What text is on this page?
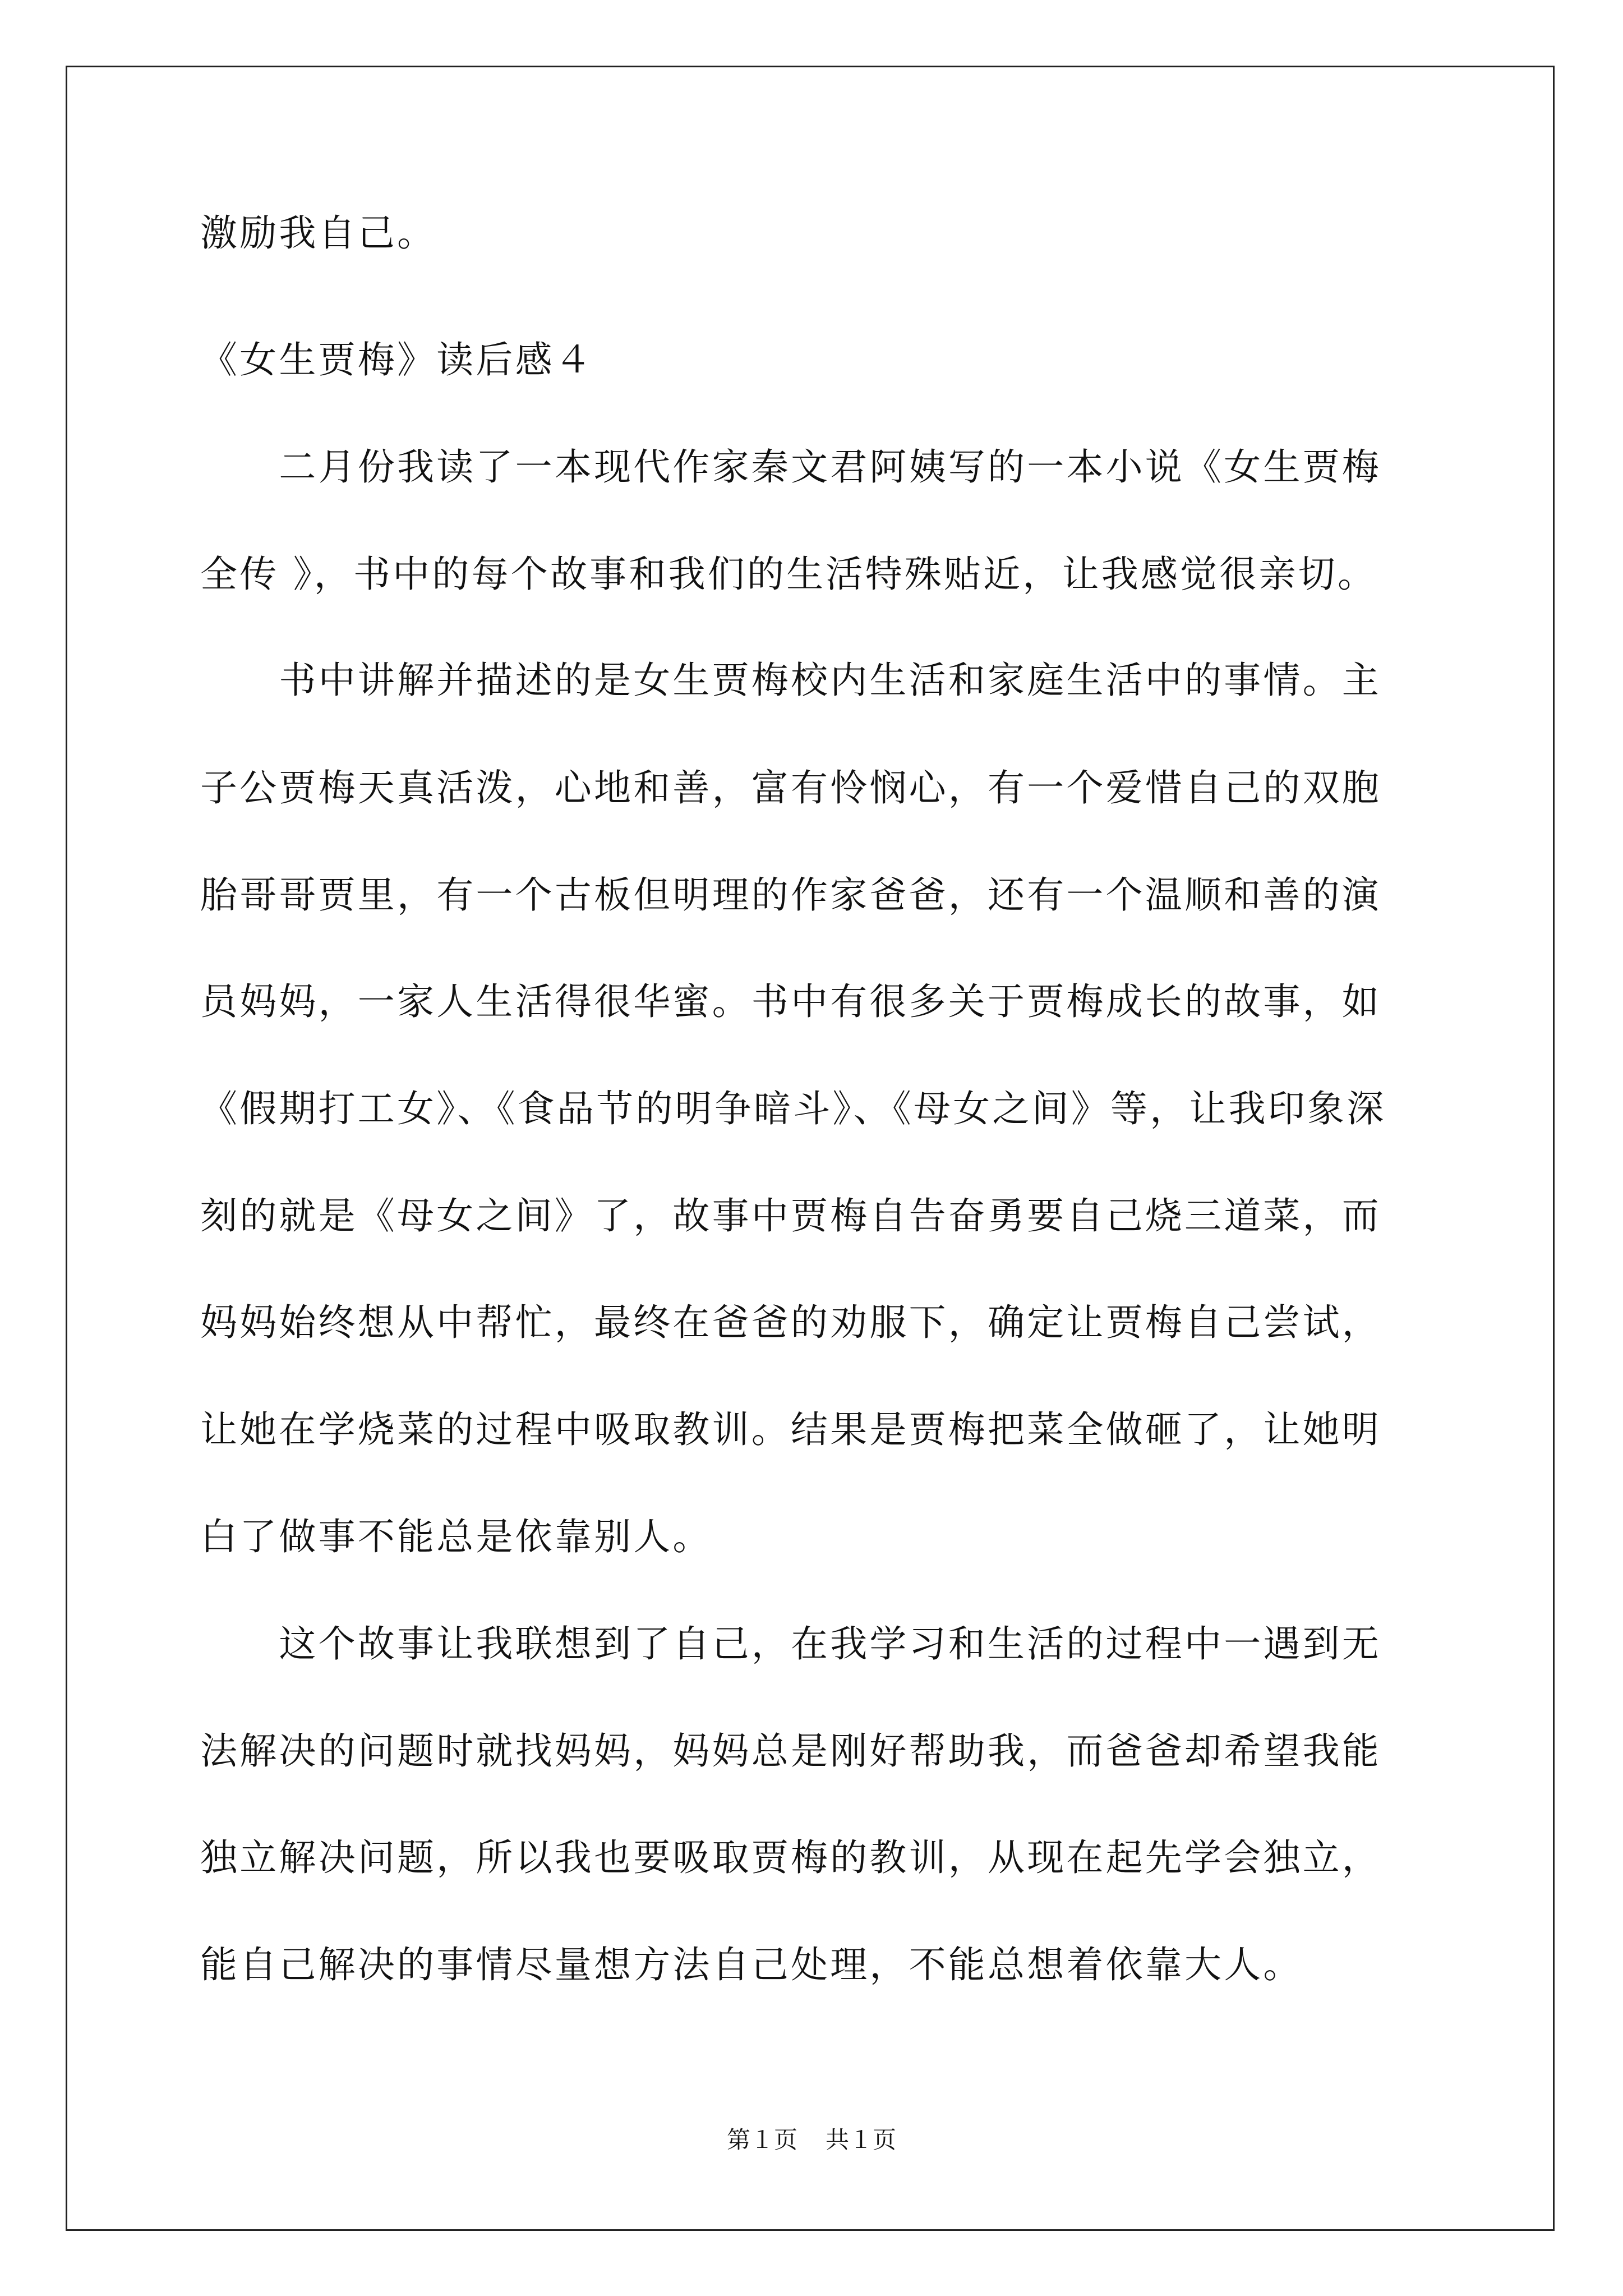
激励我自己。
《女生贾梅》读后感４
　　二月份我读了一本现代作家秦文君阿姨写的一本小说《女生贾梅
全传 》，书中的每个故事和我们的生活特殊贴近，让我感觉很亲切。
　　书中讲解并描述的是女生贾梅校内生活和家庭生活中的事情。主
子公贾梅天真活泼，心地和善，富有怜悯心，有一个爱惜自己的双胞
胎哥哥贾里，有一个古板但明理的作家爸爸，还有一个温顺和善的演
员妈妈，一家人生活得很华蜜。书中有很多关于贾梅成长的故事，如
《假期打工女》、《食品节的明争暗斗》、《母女之间》等，让我印象深
刻的就是《母女之间》了，故事中贾梅自告奋勇要自己烧三道菜，而
妈妈始终想从中帮忙，最终在爸爸的劝服下，确定让贾梅自己尝试，
让她在学烧菜的过程中吸取教训。结果是贾梅把菜全做砸了，让她明
白了做事不能总是依靠别人。
　　这个故事让我联想到了自己，在我学习和生活的过程中一遇到无
法解决的问题时就找妈妈，妈妈总是刚好帮助我，而爸爸却希望我能
独立解决问题，所以我也要吸取贾梅的教训，从现在起先学会独立，
能自己解决的事情尽量想方法自己处理，不能总想着依靠大人。
第１页 共１页
